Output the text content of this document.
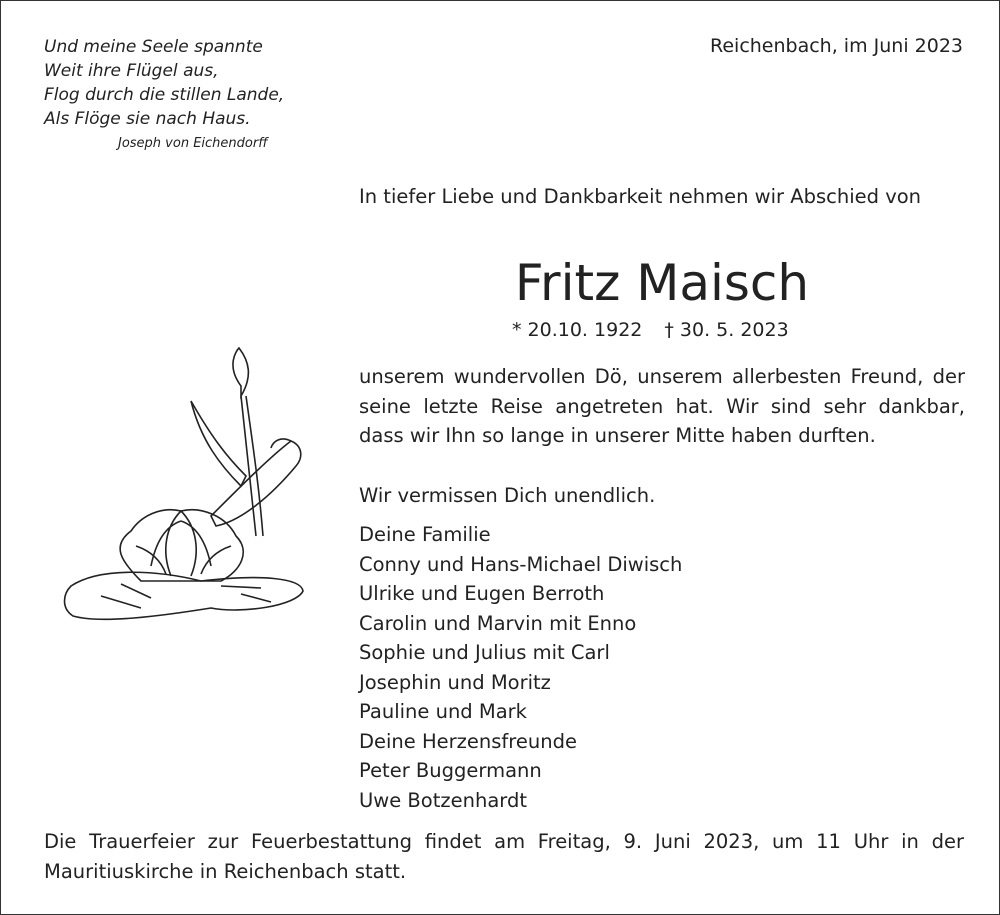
Und meine Seele spannte
Weit ihre Flügel aus,
Flog durch die stillen Lande,
Als Flöge sie nach Haus.
Joseph von Eichendorff
Reichenbach, im Juni 2023
In tiefer Liebe und Dankbarkeit nehmen wir Abschied von
Fritz Maisch
* 20.10. 1922 † 30. 5. 2023
unserem wundervollen Dö, unserem allerbesten Freund, der seine letzte Reise angetreten hat. Wir sind sehr dankbar, dass wir Ihn so lange in unserer Mitte haben durften.
Wir vermissen Dich unendlich.
Deine Familie
Conny und Hans-Michael Diwisch
Ulrike und Eugen Berroth
Carolin und Marvin mit Enno
Sophie und Julius mit Carl
Josephin und Moritz
Pauline und Mark
Deine Herzensfreunde
Peter Buggermann
Uwe Botzenhardt
Die Trauerfeier zur Feuerbestattung findet am Freitag, 9. Juni 2023, um 11 Uhr in der Mauritiuskirche in Reichenbach statt.
